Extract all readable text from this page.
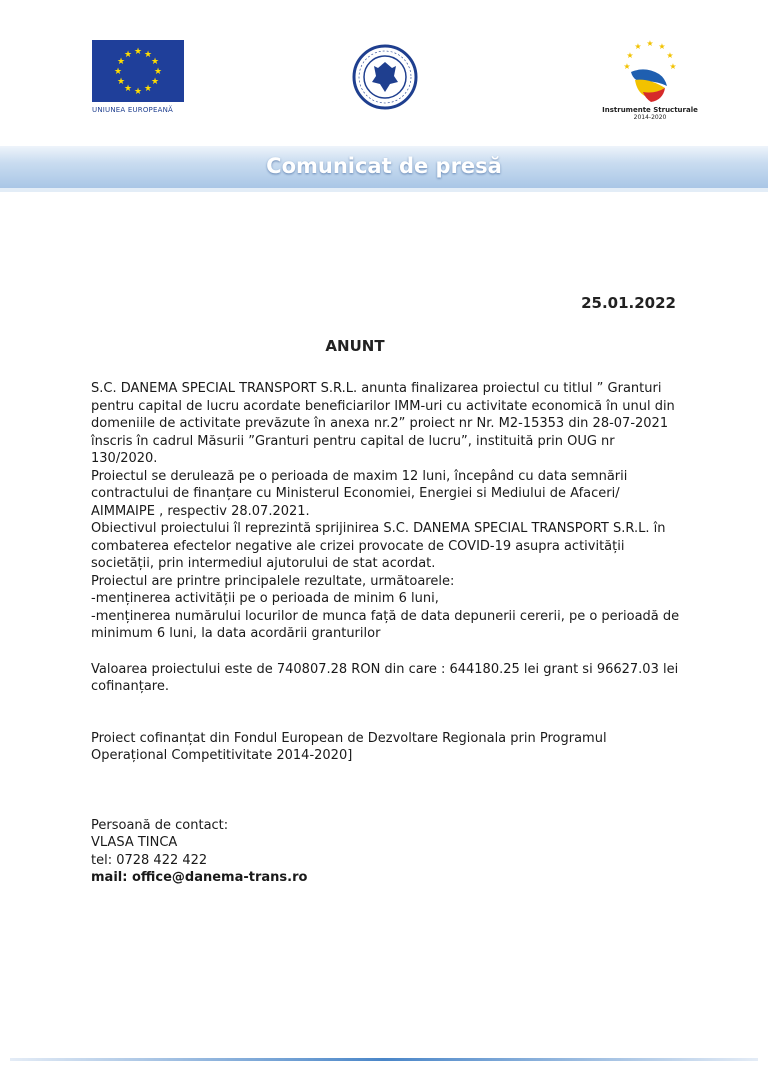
★ ★
★
★
★
★
★
★
★
★
★
★
UNIUNEA EUROPEANĂ
★ ★
★
★
★
★
★
Instrumente Structurale
2014-2020
Comunicat de presă
25.01.2022
ANUNT

S.C. DANEMA SPECIAL TRANSPORT S.R.L. anunta finalizarea proiectul cu titlul ” Granturi pentru capital de lucru acordate beneficiarilor IMM-uri cu activitate economică în unul din domeniile de activitate prevăzute în anexa nr.2” proiect nr Nr. M2-15353 din 28-07-2021 înscris în cadrul Măsurii ”Granturi pentru capital de lucru”, instituită prin OUG nr 130/2020.

Proiectul se derulează pe o perioada de maxim 12 luni, începând cu data semnării contractului de finanțare cu Ministerul Economiei, Energiei si Mediului de Afaceri/ AIMMAIPE , respectiv 28.07.2021.

Obiectivul proiectului îl reprezintă sprijinirea S.C. DANEMA SPECIAL TRANSPORT S.R.L. în combaterea efectelor negative ale crizei provocate de COVID-19 asupra activității societății, prin intermediul ajutorului de stat acordat.

Proiectul are printre principalele rezultate, următoarele:

-menținerea activității pe o perioada de minim 6 luni,

-menținerea numărului locurilor de munca față de data depunerii cererii, pe o perioadă de minimum 6 luni, la data acordării granturilor

Valoarea proiectului este de 740807.28 RON din care : 644180.25 lei grant si 96627.03 lei cofinanțare.

Proiect cofinanțat din Fondul European de Dezvoltare Regionala prin Programul Operațional Competitivitate 2014-2020]

Persoană de contact:

VLASA TINCA

tel: 0728 422 422

mail: office@danema-trans.ro
